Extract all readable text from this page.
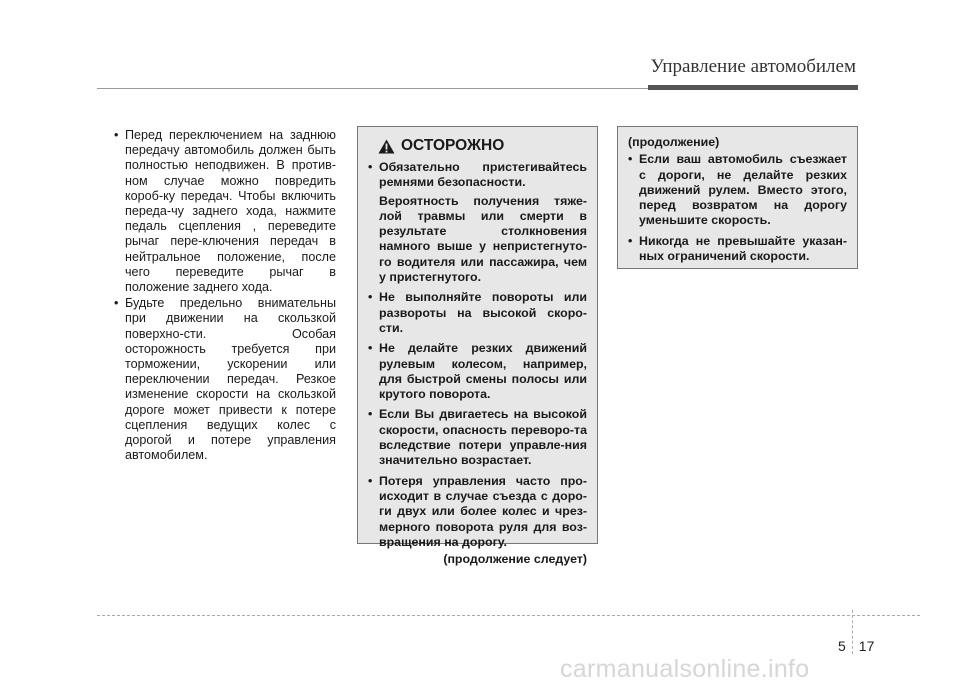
Управление автомобилем

• Перед переключением на заднюю передачу автомобиль должен быть полностью неподвижен. В против-ном случае можно повредить короб-ку передач. Чтобы включить переда-чу заднего хода, нажмите педаль сцепления , переведите рычаг пере-ключения передач в нейтральное положение, после чего переведите рычаг в положение заднего хода.

• Будьте предельно внимательны при движении на скользкой поверхно-сти. Особая осторожность требуется при торможении, ускорении или переключении передач. Резкое изменение скорости на скользкой дороге может привести к потере сцепления ведущих колес с дорогой и потере управления автомобилем.

ОСТОРОЖНО

• Обязательно пристегивайтесь ремнями безопасности.

Вероятность получения тяже-лой травмы или смерти в результате столкновения намного выше у непристегнуто-го водителя или пассажира, чем у пристегнутого.

• Не выполняйте повороты или развороты на высокой скоро-сти.

• Не делайте резких движений рулевым колесом, например, для быстрой смены полосы или крутого поворота.

• Если Вы двигаетесь на высокой скорости, опасность переворо-та вследствие потери управле-ния значительно возрастает.

• Потеря управления часто про-исходит в случае съезда с доро-ги двух или более колес и чрез-мерного поворота руля для воз-вращения на дорогу.

(продолжение следует)
(продолжение)

• Если ваш автомобиль съезжает с дороги, не делайте резких движений рулем. Вместо этого, перед возвратом на дорогу уменьшите скорость.

• Никогда не превышайте указан-ных ограничений скорости.

5 17
carmanualsonline.info
